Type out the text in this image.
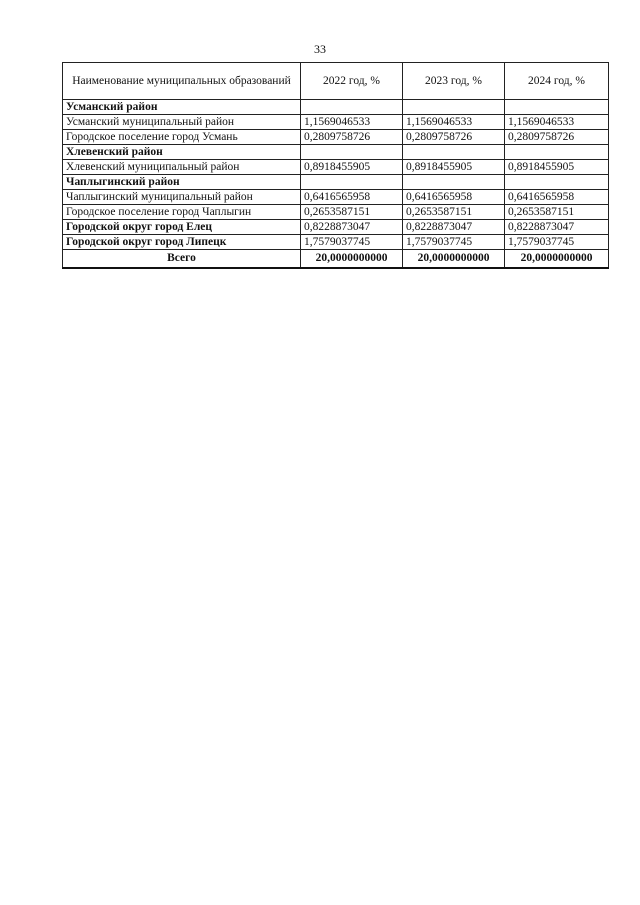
33
Наименование муниципальных образований	2022 год, %	2023 год, %	2024 год, %
Усманский район			
Усманский муниципальный район	1,1569046533	1,1569046533	1,1569046533
Городское поселение город Усмань	0,2809758726	0,2809758726	0,2809758726
Хлевенский район			
Хлевенский муниципальный район	0,8918455905	0,8918455905	0,8918455905
Чаплыгинский район			
Чаплыгинский муниципальный район	0,6416565958	0,6416565958	0,6416565958
Городское поселение город Чаплыгин	0,2653587151	0,2653587151	0,2653587151
Городской округ город Елец	0,8228873047	0,8228873047	0,8228873047
Городской округ город Липецк	1,7579037745	1,7579037745	1,7579037745
Всего	20,0000000000	20,0000000000	20,0000000000
